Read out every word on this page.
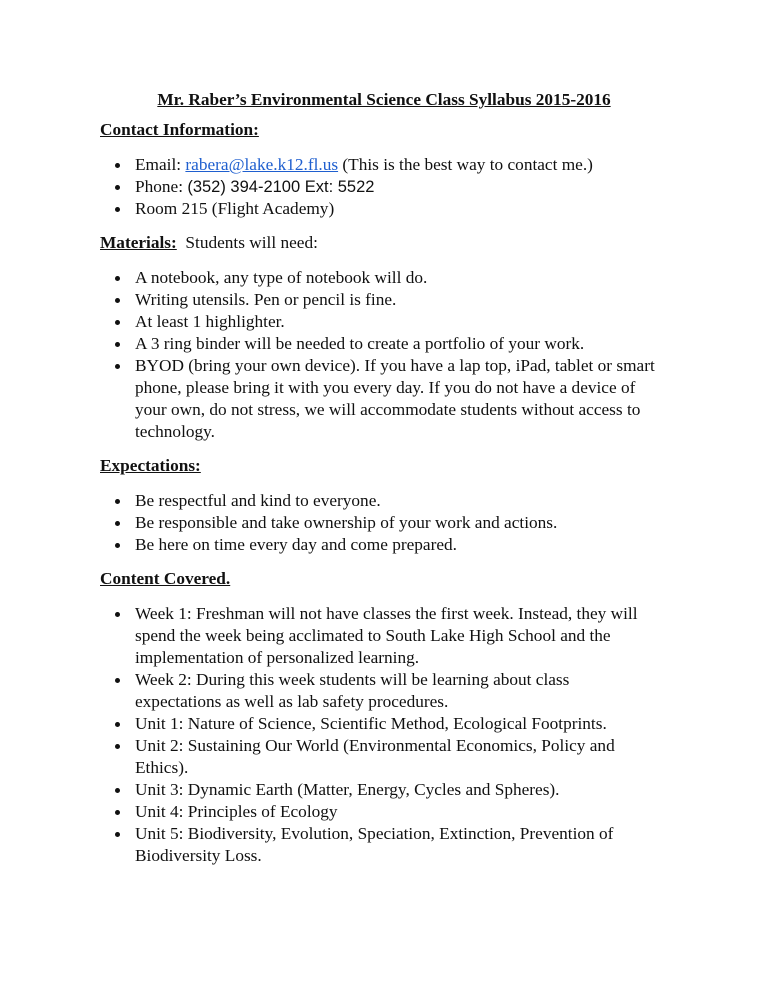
Mr. Raber’s Environmental Science Class Syllabus 2015-2016
Contact Information:
Email: rabera@lake.k12.fl.us (This is the best way to contact me.)
Phone: (352) 394-2100 Ext: 5522
Room 215 (Flight Academy)
Materials:  Students will need:
A notebook, any type of notebook will do.
Writing utensils. Pen or pencil is fine.
At least 1 highlighter.
A 3 ring binder will be needed to create a portfolio of your work.
BYOD (bring your own device). If you have a lap top, iPad, tablet or smart phone, please bring it with you every day. If you do not have a device of your own, do not stress, we will accommodate students without access to technology.
Expectations:
Be respectful and kind to everyone.
Be responsible and take ownership of your work and actions.
Be here on time every day and come prepared.
Content Covered.
Week 1: Freshman will not have classes the first week. Instead, they will spend the week being acclimated to South Lake High School and the implementation of personalized learning.
Week 2: During this week students will be learning about class expectations as well as lab safety procedures.
Unit 1: Nature of Science, Scientific Method, Ecological Footprints.
Unit 2: Sustaining Our World (Environmental Economics, Policy and Ethics).
Unit 3: Dynamic Earth (Matter, Energy, Cycles and Spheres).
Unit 4: Principles of Ecology
Unit 5: Biodiversity, Evolution, Speciation, Extinction, Prevention of Biodiversity Loss.
